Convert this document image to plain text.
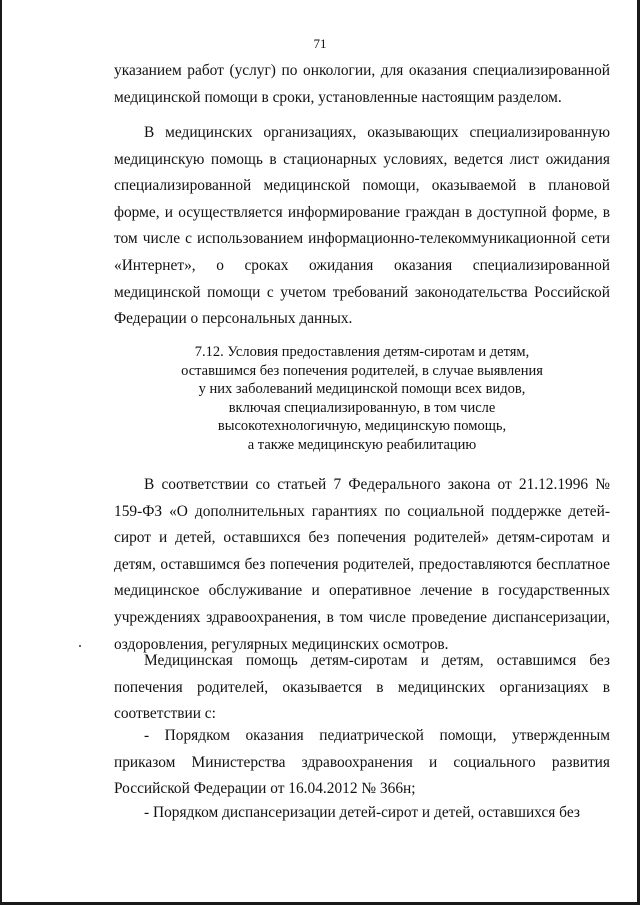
71

указанием работ (услуг) по онкологии, для оказания специализированной медицинской помощи в сроки, установленные настоящим разделом.

В медицинских организациях, оказывающих специализированную медицинскую помощь в стационарных условиях, ведется лист ожидания специализированной медицинской помощи, оказываемой в плановой форме, и осуществляется информирование граждан в доступной форме, в том числе с использованием информационно-телекоммуникационной сети «Интернет», о сроках ожидания оказания специализированной медицинской помощи с учетом требований законодательства Российской Федерации о персональных данных.

7.12. Условия предоставления детям-сиротам и детям,
оставшимся без попечения родителей, в случае выявления
у них заболеваний медицинской помощи всех видов,
включая специализированную, в том числе
высокотехнологичную, медицинскую помощь,
а также медицинскую реабилитацию

В соответствии со статьей 7 Федерального закона от 21.12.1996 № 159-ФЗ «О дополнительных гарантиях по социальной поддержке детей-сирот и детей, оставшихся без попечения родителей» детям-сиротам и детям, оставшимся без попечения родителей, предоставляются бесплатное медицинское обслуживание и оперативное лечение в государственных учреждениях здравоохранения, в том числе проведение диспансеризации, оздоровления, регулярных медицинских осмотров.

Медицинская помощь детям-сиротам и детям, оставшимся без попечения родителей, оказывается в медицинских организациях в соответствии с:

- Порядком оказания педиатрической помощи, утвержденным приказом Министерства здравоохранения и социального развития Российской Федерации от 16.04.2012 № 366н;

- Порядком диспансеризации детей-сирот и детей, оставшихся без
